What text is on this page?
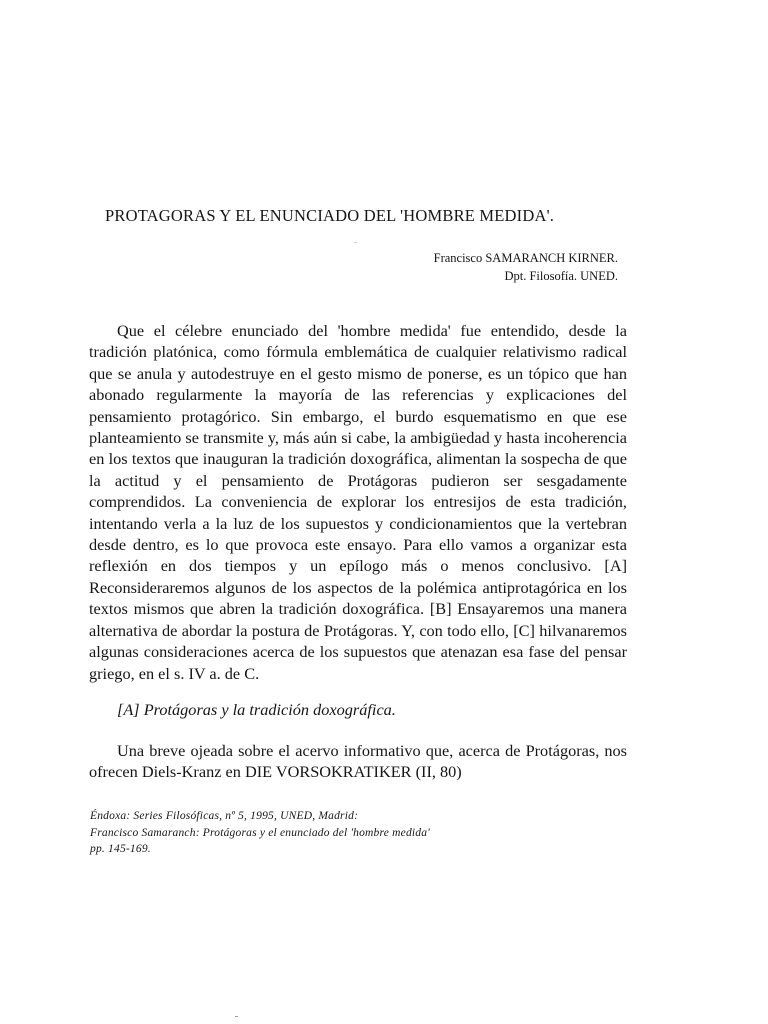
PROTAGORAS Y EL ENUNCIADO DEL 'HOMBRE MEDIDA'.
Francisco SAMARANCH KIRNER.
Dpt. Filosofía. UNED.

Que el célebre enunciado del 'hombre medida' fue entendido, desde la tradición platónica, como fórmula emblemática de cualquier relativismo radical que se anula y autodestruye en el gesto mismo de ponerse, es un tópico que han abonado regularmente la mayoría de las referencias y explicaciones del pensamiento protagórico. Sin embargo, el burdo esquematismo en que ese planteamiento se transmite y, más aún si cabe, la ambigüedad y hasta incoherencia en los textos que inauguran la tradición doxográfica, alimentan la sospecha de que la actitud y el pensamiento de Protágoras pudieron ser sesgadamente comprendidos. La conveniencia de explorar los entresijos de esta tradición, intentando verla a la luz de los supuestos y condicionamientos que la vertebran desde dentro, es lo que provoca este ensayo. Para ello vamos a organizar esta reflexión en dos tiempos y un epílogo más o menos conclusivo. [A] Reconsideraremos algunos de los aspectos de la polémica antiprotagórica en los textos mismos que abren la tradición doxográfica. [B] Ensayaremos una manera alternativa de abordar la postura de Protágoras. Y, con todo ello, [C] hilvanaremos algunas consideraciones acerca de los supuestos que atenazan esa fase del pensar griego, en el s. IV a. de C.

[A] Protágoras y la tradición doxográfica.

Una breve ojeada sobre el acervo informativo que, acerca de Protágoras, nos ofrecen Diels-Kranz en DIE VORSOKRATIKER (II, 80)

Éndoxa: Series Filosóficas, nº 5, 1995, UNED, Madrid:
Francisco Samaranch: Protágoras y el enunciado del 'hombre medida'
pp. 145-169.
